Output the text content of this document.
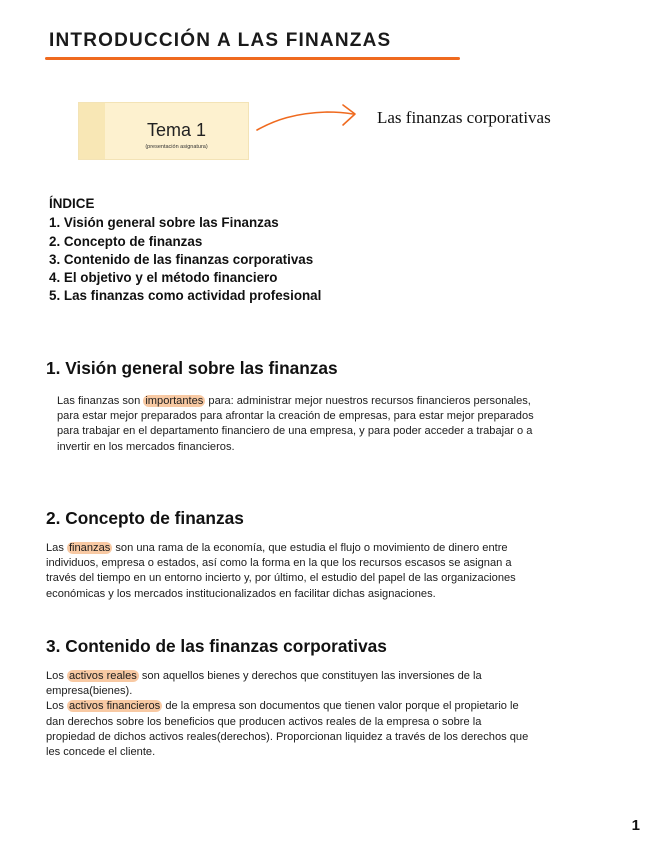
INTRODUCCIÓN A LAS FINANZAS
Tema 1
(presentación asignatura)
Las finanzas corporativas
ÍNDICE
1. Visión general sobre las Finanzas
2. Concepto de finanzas
3. Contenido de las finanzas corporativas
4. El objetivo y el método financiero
5. Las finanzas como actividad profesional
1. Visión general sobre las finanzas

Las finanzas son importantes para: administrar mejor nuestros recursos financieros personales,

para estar mejor preparados para afrontar la creación de empresas, para estar mejor preparados

para trabajar en el departamento financiero de una empresa, y para poder acceder a trabajar o a

invertir en los mercados financieros.

2. Concepto de finanzas

Las finanzas son una rama de la economía, que estudia el flujo o movimiento de dinero entre

individuos, empresa o estados, así como la forma en la que los recursos escasos se asignan a

través del tiempo en un entorno incierto y, por último, el estudio del papel de las organizaciones

económicas y los mercados institucionalizados en facilitar dichas asignaciones.

3. Contenido de las finanzas corporativas

Los activos reales son aquellos bienes y derechos que constituyen las inversiones de la

empresa(bienes).

Los activos financieros de la empresa son documentos que tienen valor porque el propietario le

dan derechos sobre los beneficios que producen activos reales de la empresa o sobre la

propiedad de dichos activos reales(derechos). Proporcionan liquidez a través de los derechos que

les concede el cliente.

1
